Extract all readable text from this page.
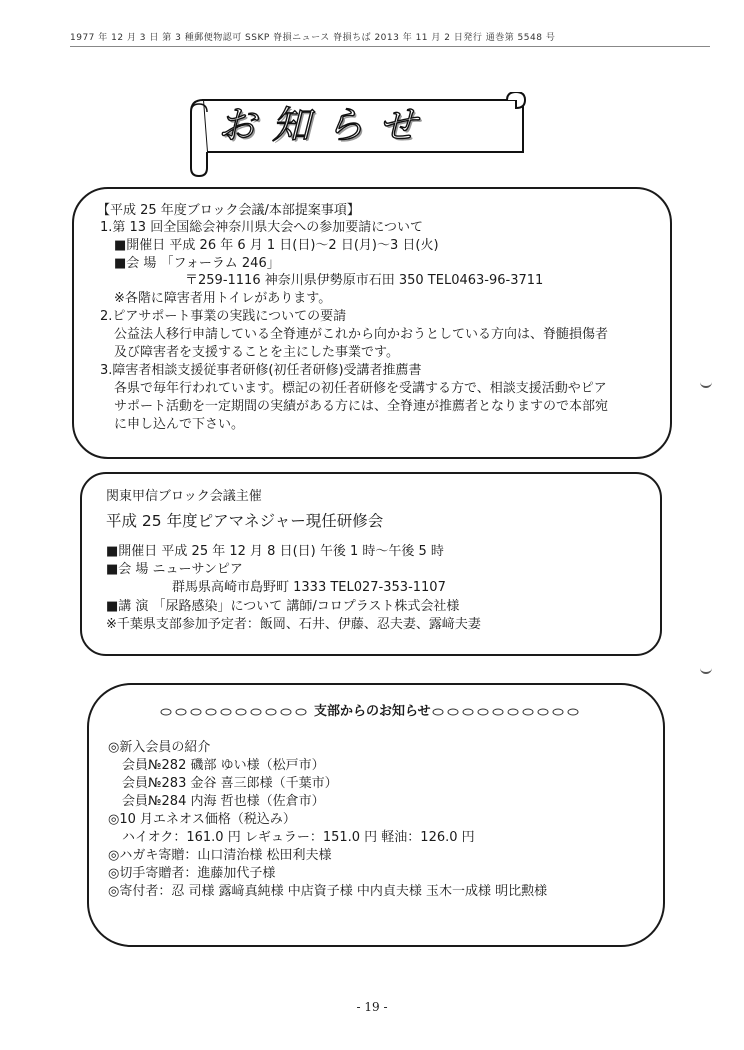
1977 年 12 月 3 日 第 3 種郵便物認可 SSKP 脊損ニュース 脊損ちば 2013 年 11 月 2 日発行 通巻第 5548 号
お知らせ
【平成 25 年度ブロック会議/本部提案事項】
1.第 13 回全国総会神奈川県大会への参加要請について
■開催日 平成 26 年 6 月 1 日(日)〜2 日(月)〜3 日(火)
■会 場 「フォーラム 246」
〒259-1116 神奈川県伊勢原市石田 350 TEL0463-96-3711
※各階に障害者用トイレがあります。
2.ピアサポート事業の実践についての要請
公益法人移行申請している全脊連がこれから向かおうとしている方向は、脊髄損傷者
及び障害者を支援することを主にした事業です。
3.障害者相談支援従事者研修(初任者研修)受講者推薦書
各県で毎年行われています。標記の初任者研修を受講する方で、相談支援活動やピア
サポート活動を一定期間の実績がある方には、全脊連が推薦者となりますので本部宛
に申し込んで下さい。
関東甲信ブロック会議主催
平成 25 年度ピアマネジャー現任研修会
■開催日 平成 25 年 12 月 8 日(日) 午後 1 時〜午後 5 時
■会 場 ニューサンピア
群馬県高崎市島野町 1333 TEL027-353-1107
■講 演 「尿路感染」について 講師/コロプラスト株式会社様
※千葉県支部参加予定者：飯岡、石井、伊藤、忍夫妻、露﨑夫妻
支部からのお知らせ
◎新入会員の紹介
会員№282 磯部 ゆい様（松戸市）
会員№283 金谷 喜三郎様（千葉市）
会員№284 内海 哲也様（佐倉市）
◎10 月エネオス価格（税込み）
ハイオク：161.0 円 レギュラー：151.0 円 軽油：126.0 円
◎ハガキ寄贈：山口清治様 松田利夫様
◎切手寄贈者：進藤加代子様
◎寄付者：忍 司様 露﨑真純様 中店資子様 中内貞夫様 玉木一成様 明比勲様
- 19 -
